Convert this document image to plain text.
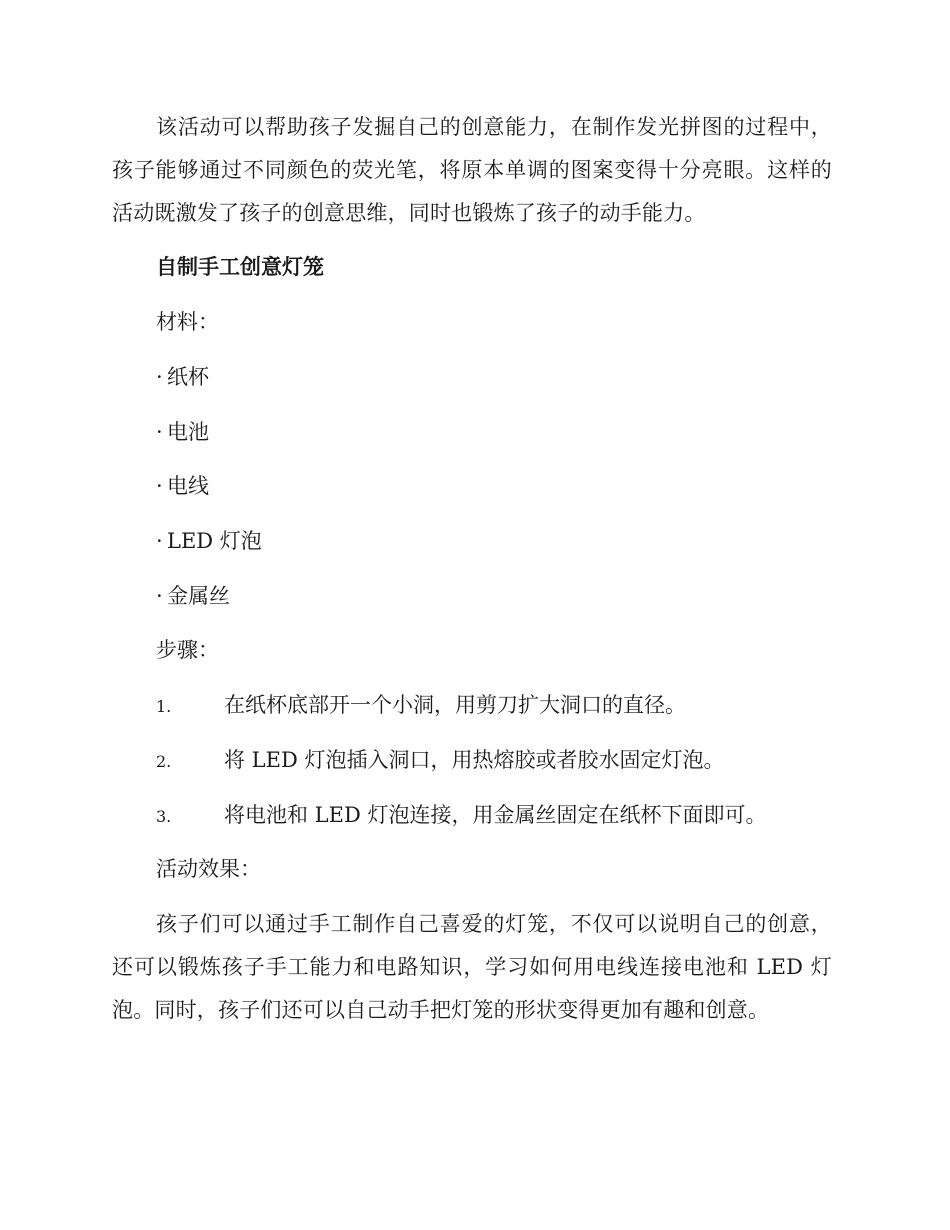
该活动可以帮助孩子发掘自己的创意能力，在制作发光拼图的过程中，孩子能够通过不同颜色的荧光笔，将原本单调的图案变得十分亮眼。这样的活动既激发了孩子的创意思维，同时也锻炼了孩子的动手能力。

自制手工创意灯笼

材料：

· 纸杯

· 电池

· 电线

· LED 灯泡

· 金属丝

步骤：

1.	在纸杯底部开一个小洞，用剪刀扩大洞口的直径。

2.	将 LED 灯泡插入洞口，用热熔胶或者胶水固定灯泡。

3.	将电池和 LED 灯泡连接，用金属丝固定在纸杯下面即可。

活动效果：

孩子们可以通过手工制作自己喜爱的灯笼，不仅可以说明自己的创意，还可以锻炼孩子手工能力和电路知识，学习如何用电线连接电池和 LED 灯泡。同时，孩子们还可以自己动手把灯笼的形状变得更加有趣和创意。
